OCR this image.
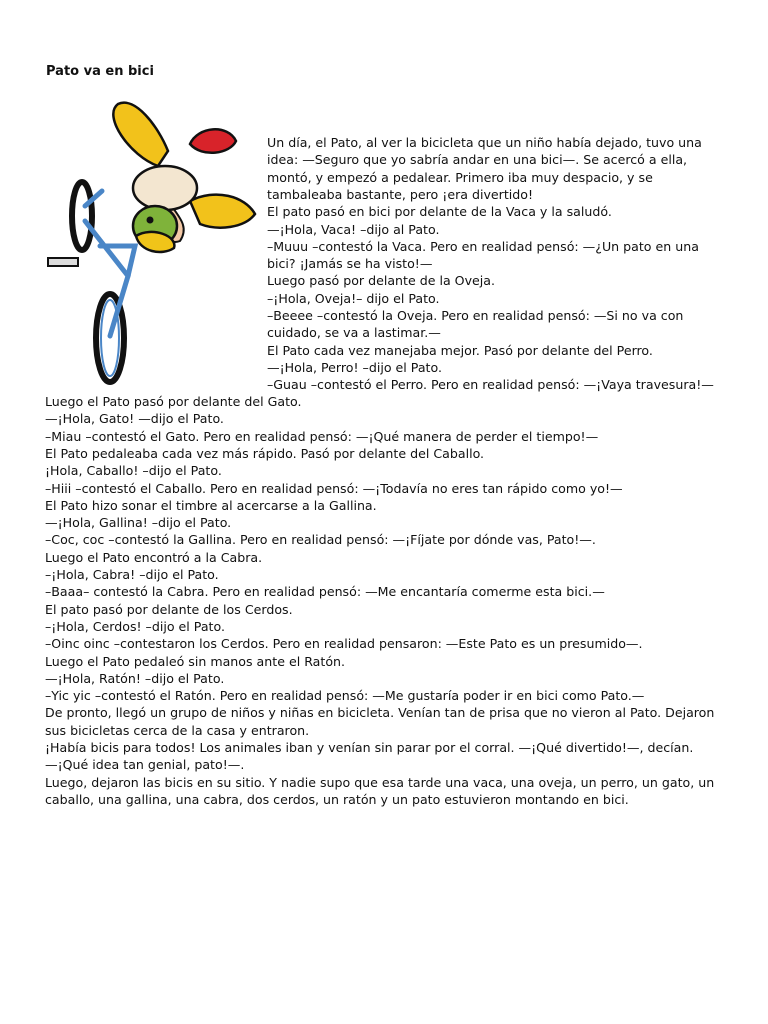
Pato va en bici
Un día, el Pato, al ver la bicicleta que un niño había dejado, tuvo una
idea: —Seguro que yo sabría andar en una bici—. Se acercó a ella,
montó, y empezó a pedalear. Primero iba muy despacio, y se
tambaleaba bastante, pero ¡era divertido!
El pato pasó en bici por delante de la Vaca y la saludó.
—¡Hola, Vaca! –dijo al Pato.
–Muuu –contestó la Vaca. Pero en realidad pensó: —¿Un pato en una
bici? ¡Jamás se ha visto!—
Luego pasó por delante de la Oveja.
–¡Hola, Oveja!– dijo el Pato.
–Beeee –contestó la Oveja. Pero en realidad pensó: —Si no va con
cuidado, se va a lastimar.—
El Pato cada vez manejaba mejor. Pasó por delante del Perro.
—¡Hola, Perro! –dijo el Pato.
–Guau –contestó el Perro. Pero en realidad pensó: —¡Vaya travesura!—
Luego el Pato pasó por delante del Gato.
—¡Hola, Gato! —dijo el Pato.
–Miau –contestó el Gato. Pero en realidad pensó: —¡Qué manera de perder el tiempo!—
El Pato pedaleaba cada vez más rápido. Pasó por delante del Caballo.
¡Hola, Caballo! –dijo el Pato.
–Hiii –contestó el Caballo. Pero en realidad pensó: —¡Todavía no eres tan rápido como yo!—
El Pato hizo sonar el timbre al acercarse a la Gallina.
—¡Hola, Gallina! –dijo el Pato.
–Coc, coc –contestó la Gallina. Pero en realidad pensó: —¡Fíjate por dónde vas, Pato!—.
Luego el Pato encontró a la Cabra.
–¡Hola, Cabra! –dijo el Pato.
–Baaa– contestó la Cabra. Pero en realidad pensó: —Me encantaría comerme esta bici.—
El pato pasó por delante de los Cerdos.
–¡Hola, Cerdos! –dijo el Pato.
–Oinc oinc –contestaron los Cerdos. Pero en realidad pensaron: —Este Pato es un presumido—.
Luego el Pato pedaleó sin manos ante el Ratón.
—¡Hola, Ratón! –dijo el Pato.
–Yic yic –contestó el Ratón. Pero en realidad pensó: —Me gustaría poder ir en bici como Pato.—
De pronto, llegó un grupo de niños y niñas en bicicleta. Venían tan de prisa que no vieron al Pato. Dejaron
sus bicicletas cerca de la casa y entraron.
¡Había bicis para todos! Los animales iban y venían sin parar por el corral. —¡Qué divertido!—, decían.
—¡Qué idea tan genial, pato!—.
Luego, dejaron las bicis en su sitio. Y nadie supo que esa tarde una vaca, una oveja, un perro, un gato, un
caballo, una gallina, una cabra, dos cerdos, un ratón y un pato estuvieron montando en bici.
